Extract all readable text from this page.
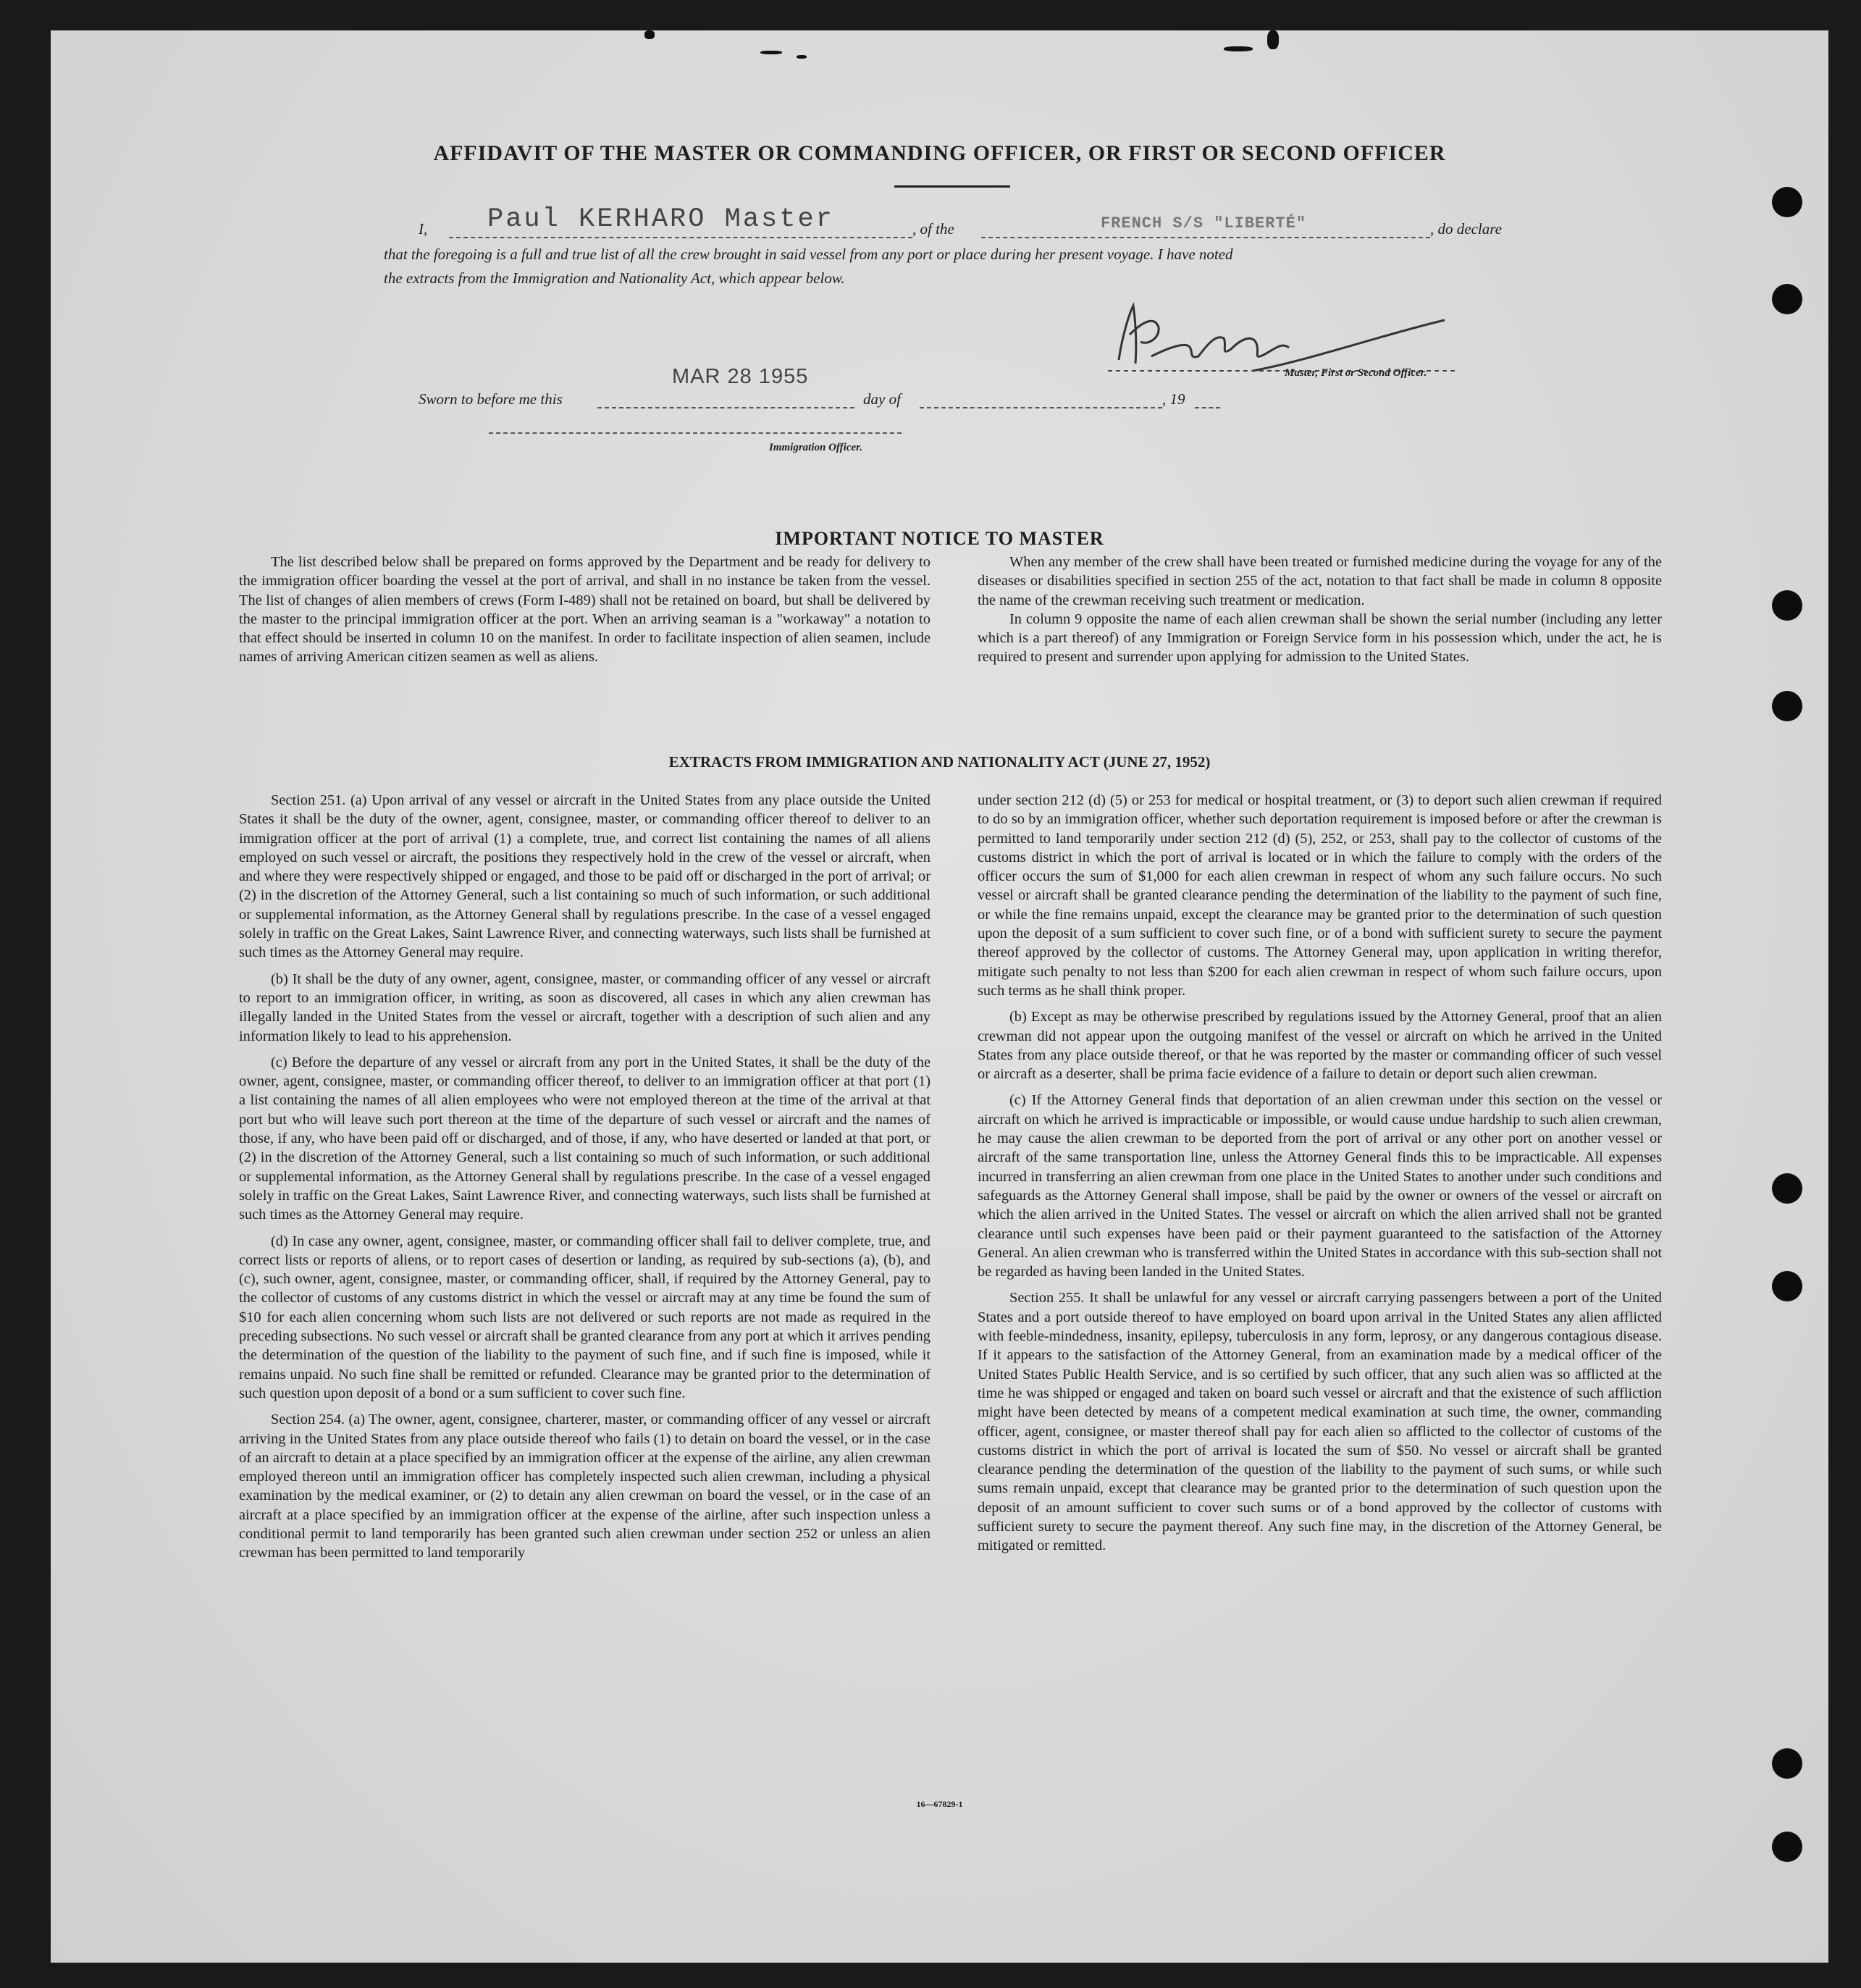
AFFIDAVIT OF THE MASTER OR COMMANDING OFFICER, OR FIRST OR SECOND OFFICER
I, Paul KERHARO Master	, of the	FRENCH S/S "LIBERTÉ"	, do declare
that the foregoing is a full and true list of all the crew brought in said vessel from any port or place during her present voyage. I have noted
the extracts from the Immigration and Nationality Act, which appear below.
Master, First or Second Officer.
MAR 28 1955
Sworn to before me this	day of	, 19
Immigration Officer.
IMPORTANT NOTICE TO MASTER

The list described below shall be prepared on forms approved by the Department and be ready for delivery to the immigration officer boarding the vessel at the port of arrival, and shall in no instance be taken from the vessel. The list of changes of alien members of crews (Form I-489) shall not be retained on board, but shall be delivered by the master to the principal immigration officer at the port. When an arriving seaman is a "workaway" a notation to that effect should be inserted in column 10 on the manifest. In order to facilitate inspection of alien seamen, include names of arriving American citizen seamen as well as aliens.

When any member of the crew shall have been treated or furnished medicine during the voyage for any of the diseases or disabilities specified in section 255 of the act, notation to that fact shall be made in column 8 opposite the name of the crewman receiving such treatment or medication.

In column 9 opposite the name of each alien crewman shall be shown the serial number (including any letter which is a part thereof) of any Immigration or Foreign Service form in his possession which, under the act, he is required to present and surrender upon applying for admission to the United States.

EXTRACTS FROM IMMIGRATION AND NATIONALITY ACT (JUNE 27, 1952)

Section 251. (a) Upon arrival of any vessel or aircraft in the United States from any place outside the United States it shall be the duty of the owner, agent, consignee, master, or commanding officer thereof to deliver to an immigration officer at the port of arrival (1) a complete, true, and correct list containing the names of all aliens employed on such vessel or aircraft, the positions they respectively hold in the crew of the vessel or aircraft, when and where they were respectively shipped or engaged, and those to be paid off or discharged in the port of arrival; or (2) in the discretion of the Attorney General, such a list containing so much of such information, or such additional or supplemental information, as the Attorney General shall by regulations prescribe. In the case of a vessel engaged solely in traffic on the Great Lakes, Saint Lawrence River, and connecting waterways, such lists shall be furnished at such times as the Attorney General may require.

(b) It shall be the duty of any owner, agent, consignee, master, or commanding officer of any vessel or aircraft to report to an immigration officer, in writing, as soon as discovered, all cases in which any alien crewman has illegally landed in the United States from the vessel or aircraft, together with a description of such alien and any information likely to lead to his apprehension.

(c) Before the departure of any vessel or aircraft from any port in the United States, it shall be the duty of the owner, agent, consignee, master, or commanding officer thereof, to deliver to an immigration officer at that port (1) a list containing the names of all alien employees who were not employed thereon at the time of the arrival at that port but who will leave such port thereon at the time of the departure of such vessel or aircraft and the names of those, if any, who have been paid off or discharged, and of those, if any, who have deserted or landed at that port, or (2) in the discretion of the Attorney General, such a list containing so much of such information, or such additional or supplemental information, as the Attorney General shall by regulations prescribe. In the case of a vessel engaged solely in traffic on the Great Lakes, Saint Lawrence River, and connecting waterways, such lists shall be furnished at such times as the Attorney General may require.

(d) In case any owner, agent, consignee, master, or commanding officer shall fail to deliver complete, true, and correct lists or reports of aliens, or to report cases of desertion or landing, as required by sub-sections (a), (b), and (c), such owner, agent, consignee, master, or commanding officer, shall, if required by the Attorney General, pay to the collector of customs of any customs district in which the vessel or aircraft may at any time be found the sum of $10 for each alien concerning whom such lists are not delivered or such reports are not made as required in the preceding subsections. No such vessel or aircraft shall be granted clearance from any port at which it arrives pending the determination of the question of the liability to the payment of such fine, and if such fine is imposed, while it remains unpaid. No such fine shall be remitted or refunded. Clearance may be granted prior to the determination of such question upon deposit of a bond or a sum sufficient to cover such fine.

Section 254. (a) The owner, agent, consignee, charterer, master, or commanding officer of any vessel or aircraft arriving in the United States from any place outside thereof who fails (1) to detain on board the vessel, or in the case of an aircraft to detain at a place specified by an immigration officer at the expense of the airline, any alien crewman employed thereon until an immigration officer has completely inspected such alien crewman, including a physical examination by the medical examiner, or (2) to detain any alien crewman on board the vessel, or in the case of an aircraft at a place specified by an immigration officer at the expense of the airline, after such inspection unless a conditional permit to land temporarily has been granted such alien crewman under section 252 or unless an alien crewman has been permitted to land temporarily

under section 212 (d) (5) or 253 for medical or hospital treatment, or (3) to deport such alien crewman if required to do so by an immigration officer, whether such deportation requirement is imposed before or after the crewman is permitted to land temporarily under section 212 (d) (5), 252, or 253, shall pay to the collector of customs of the customs district in which the port of arrival is located or in which the failure to comply with the orders of the officer occurs the sum of $1,000 for each alien crewman in respect of whom any such failure occurs. No such vessel or aircraft shall be granted clearance pending the determination of the liability to the payment of such fine, or while the fine remains unpaid, except the clearance may be granted prior to the determination of such question upon the deposit of a sum sufficient to cover such fine, or of a bond with sufficient surety to secure the payment thereof approved by the collector of customs. The Attorney General may, upon application in writing therefor, mitigate such penalty to not less than $200 for each alien crewman in respect of whom such failure occurs, upon such terms as he shall think proper.

(b) Except as may be otherwise prescribed by regulations issued by the Attorney General, proof that an alien crewman did not appear upon the outgoing manifest of the vessel or aircraft on which he arrived in the United States from any place outside thereof, or that he was reported by the master or commanding officer of such vessel or aircraft as a deserter, shall be prima facie evidence of a failure to detain or deport such alien crewman.

(c) If the Attorney General finds that deportation of an alien crewman under this section on the vessel or aircraft on which he arrived is impracticable or impossible, or would cause undue hardship to such alien crewman, he may cause the alien crewman to be deported from the port of arrival or any other port on another vessel or aircraft of the same transportation line, unless the Attorney General finds this to be impracticable. All expenses incurred in transferring an alien crewman from one place in the United States to another under such conditions and safeguards as the Attorney General shall impose, shall be paid by the owner or owners of the vessel or aircraft on which the alien arrived in the United States. The vessel or aircraft on which the alien arrived shall not be granted clearance until such expenses have been paid or their payment guaranteed to the satisfaction of the Attorney General. An alien crewman who is transferred within the United States in accordance with this sub-section shall not be regarded as having been landed in the United States.

Section 255. It shall be unlawful for any vessel or aircraft carrying passengers between a port of the United States and a port outside thereof to have employed on board upon arrival in the United States any alien afflicted with feeble-mindedness, insanity, epilepsy, tuberculosis in any form, leprosy, or any dangerous contagious disease. If it appears to the satisfaction of the Attorney General, from an examination made by a medical officer of the United States Public Health Service, and is so certified by such officer, that any such alien was so afflicted at the time he was shipped or engaged and taken on board such vessel or aircraft and that the existence of such affliction might have been detected by means of a competent medical examination at such time, the owner, commanding officer, agent, consignee, or master thereof shall pay for each alien so afflicted to the collector of customs of the customs district in which the port of arrival is located the sum of $50. No vessel or aircraft shall be granted clearance pending the determination of the question of the liability to the payment of such sums, or while such sums remain unpaid, except that clearance may be granted prior to the determination of such question upon the deposit of an amount sufficient to cover such sums or of a bond approved by the collector of customs with sufficient surety to secure the payment thereof. Any such fine may, in the discretion of the Attorney General, be mitigated or remitted.

16—67829-1
